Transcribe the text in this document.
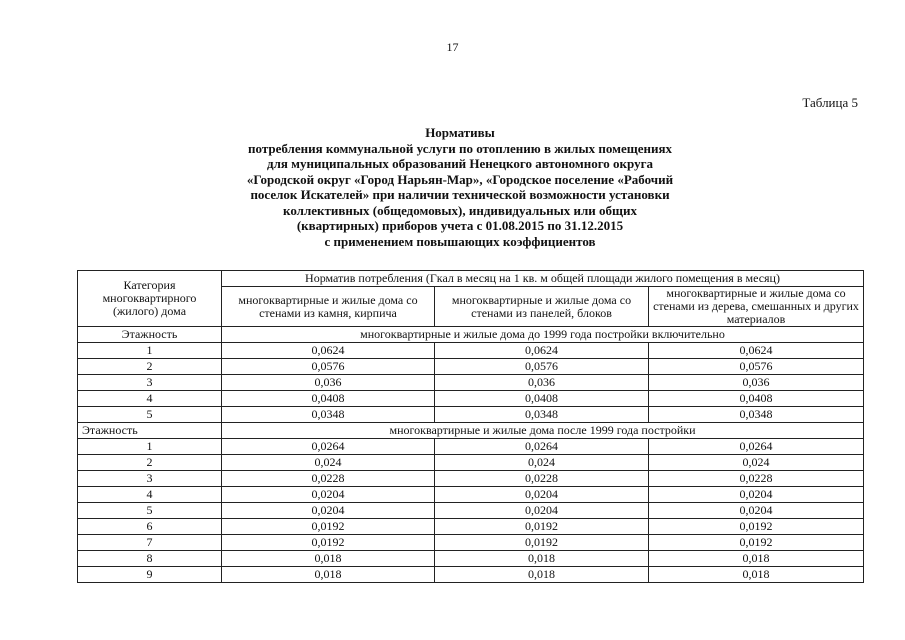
17
Таблица 5
Нормативы
потребления коммунальной услуги по отоплению в жилых помещениях
для муниципальных образований Ненецкого автономного округа
«Городской округ «Город Нарьян-Мар», «Городское поселение «Рабочий
поселок Искателей» при наличии технической возможности установки
коллективных (общедомовых), индивидуальных или общих
(квартирных) приборов учета с 01.08.2015 по 31.12.2015
с применением повышающих коэффициентов
Категория многоквартирного (жилого) дома	Норматив потребления (Гкал в месяц на 1 кв. м общей площади жилого помещения в месяц)		
	многоквартирные и жилые дома со стенами из камня, кирпича	многоквартирные и жилые дома со стенами из панелей, блоков	многоквартирные и жилые дома со стенами из дерева, смешанных и других материалов
Этажность	многоквартирные и жилые дома до 1999 года постройки включительно		
1	0,0624	0,0624	0,0624
2	0,0576	0,0576	0,0576
3	0,036	0,036	0,036
4	0,0408	0,0408	0,0408
5	0,0348	0,0348	0,0348
Этажность	многоквартирные и жилые дома после 1999 года постройки		
1	0,0264	0,0264	0,0264
2	0,024	0,024	0,024
3	0,0228	0,0228	0,0228
4	0,0204	0,0204	0,0204
5	0,0204	0,0204	0,0204
6	0,0192	0,0192	0,0192
7	0,0192	0,0192	0,0192
8	0,018	0,018	0,018
9	0,018	0,018	0,018
